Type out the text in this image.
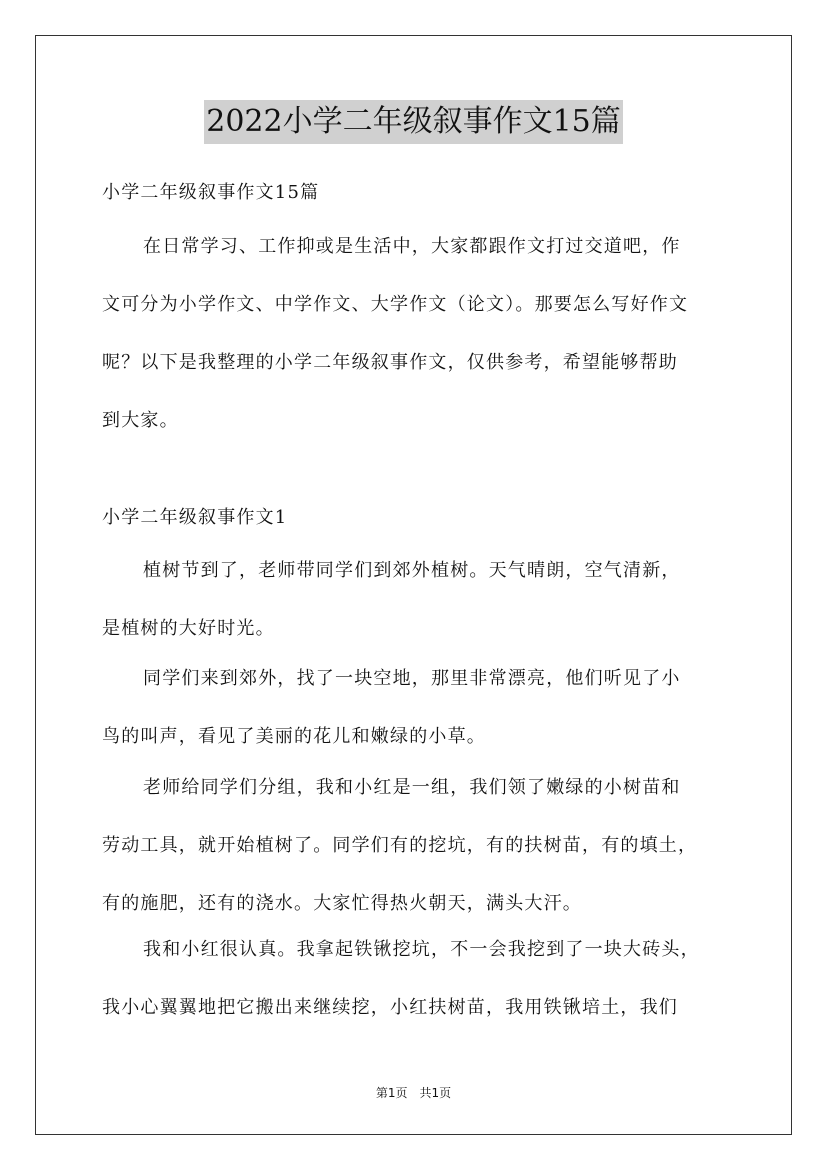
2022小学二年级叙事作文15篇
小学二年级叙事作文15篇
在日常学习、工作抑或是生活中，大家都跟作文打过交道吧，作
文可分为小学作文、中学作文、大学作文（论文）。那要怎么写好作文
呢？以下是我整理的小学二年级叙事作文，仅供参考，希望能够帮助
到大家。
小学二年级叙事作文1
植树节到了，老师带同学们到郊外植树。天气晴朗，空气清新，
是植树的大好时光。
同学们来到郊外，找了一块空地，那里非常漂亮，他们听见了小
鸟的叫声，看见了美丽的花儿和嫩绿的小草。
老师给同学们分组，我和小红是一组，我们领了嫩绿的小树苗和
劳动工具，就开始植树了。同学们有的挖坑，有的扶树苗，有的填土，
有的施肥，还有的浇水。大家忙得热火朝天，满头大汗。
我和小红很认真。我拿起铁锹挖坑，不一会我挖到了一块大砖头，
我小心翼翼地把它搬出来继续挖，小红扶树苗，我用铁锹培土，我们
第1页　共1页
